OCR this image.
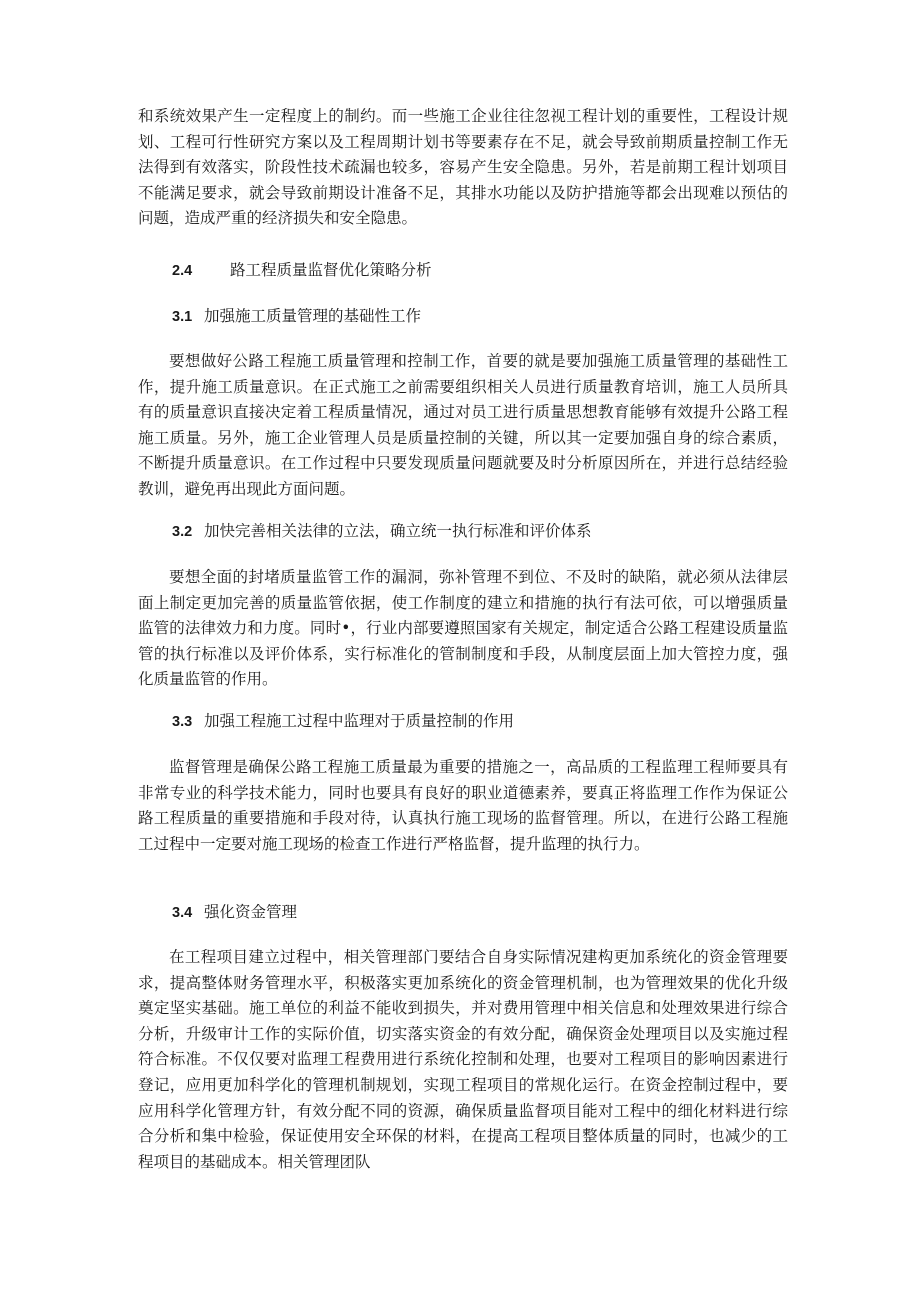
和系统效果产生一定程度上的制约。而一些施工企业往往忽视工程计划的重要性，工程设计规划、工程可行性研究方案以及工程周期计划书等要素存在不足，就会导致前期质量控制工作无法得到有效落实，阶段性技术疏漏也较多，容易产生安全隐患。另外，若是前期工程计划项目不能满足要求，就会导致前期设计准备不足，其排水功能以及防护措施等都会出现难以预估的问题，造成严重的经济损失和安全隐患。

2.4 路工程质量监督优化策略分析
3.1 加强施工质量管理的基础性工作

要想做好公路工程施工质量管理和控制工作，首要的就是要加强施工质量管理的基础性工作，提升施工质量意识。在正式施工之前需要组织相关人员进行质量教育培训，施工人员所具有的质量意识直接决定着工程质量情况，通过对员工进行质量思想教育能够有效提升公路工程施工质量。另外，施工企业管理人员是质量控制的关键，所以其一定要加强自身的综合素质，不断提升质量意识。在工作过程中只要发现质量问题就要及时分析原因所在，并进行总结经验教训，避免再出现此方面问题。

3.2 加快完善相关法律的立法，确立统一执行标准和评价体系

要想全面的封堵质量监管工作的漏洞，弥补管理不到位、不及时的缺陷，就必须从法律层面上制定更加完善的质量监管依据，使工作制度的建立和措施的执行有法可依，可以增强质量监管的法律效力和力度。同时•，行业内部要遵照国家有关规定，制定适合公路工程建设质量监管的执行标准以及评价体系，实行标准化的管制制度和手段，从制度层面上加大管控力度，强化质量监管的作用。

3.3 加强工程施工过程中监理对于质量控制的作用

监督管理是确保公路工程施工质量最为重要的措施之一，高品质的工程监理工程师要具有非常专业的科学技术能力，同时也要具有良好的职业道德素养，要真正将监理工作作为保证公路工程质量的重要措施和手段对待，认真执行施工现场的监督管理。所以，在进行公路工程施工过程中一定要对施工现场的检查工作进行严格监督，提升监理的执行力。

3.4 强化资金管理

在工程项目建立过程中，相关管理部门要结合自身实际情况建构更加系统化的资金管理要求，提高整体财务管理水平，积极落实更加系统化的资金管理机制，也为管理效果的优化升级奠定坚实基础。施工单位的利益不能收到损失，并对费用管理中相关信息和处理效果进行综合分析，升级审计工作的实际价值，切实落实资金的有效分配，确保资金处理项目以及实施过程符合标准。不仅仅要对监理工程费用进行系统化控制和处理，也要对工程项目的影响因素进行登记，应用更加科学化的管理机制规划，实现工程项目的常规化运行。在资金控制过程中，要应用科学化管理方针，有效分配不同的资源，确保质量监督项目能对工程中的细化材料进行综合分析和集中检验，保证使用安全环保的材料，在提高工程项目整体质量的同时，也减少的工程项目的基础成本。相关管理团队
